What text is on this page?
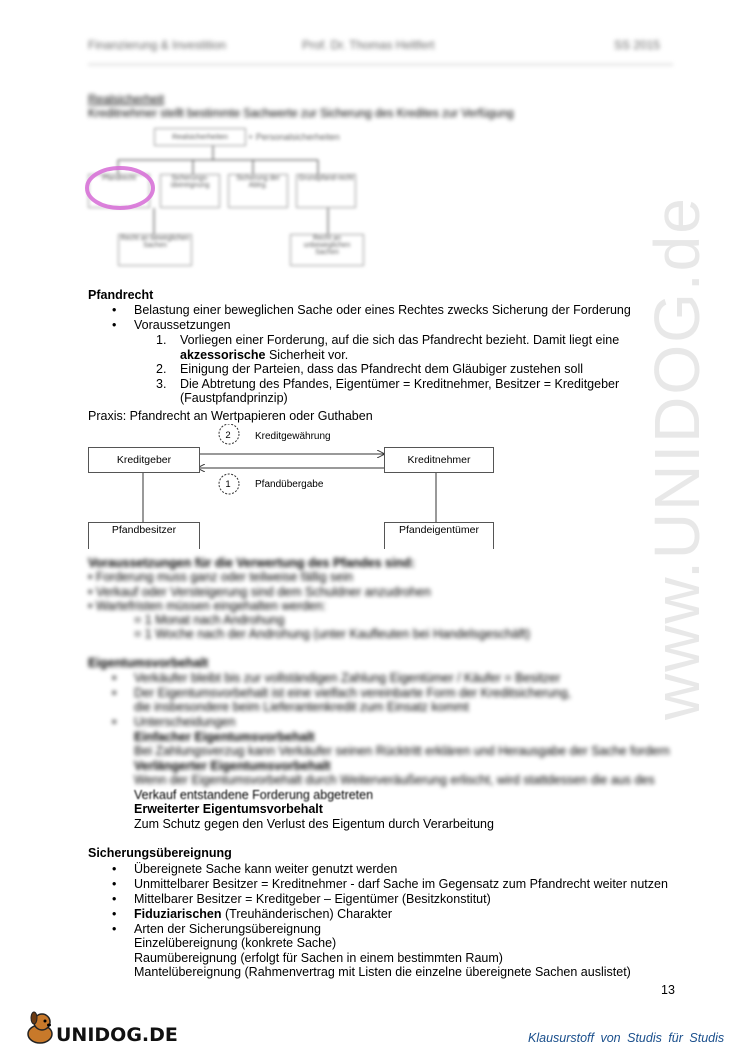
www.UNIDOG.de
Finanzierung & Investition	Prof. Dr. Thomas Heltfert	SS 2015
Realsicherheit
Kreditnehmer stellt bestimmte Sachwerte zur Sicherung des Kredites zur Verfügung
Realsicherheiten	+ Personalsicherheiten
Pfandrecht	Sicherungs-übereignung
Sicherung der Abtrg.
Grundpfand-recht
Recht an beweglichen Sachen
Recht an unbeweglichen Sachen
Pfandrecht
• Belastung einer beweglichen Sache oder eines Rechtes zwecks Sicherung der Forderung
• Voraussetzungen
1. Vorliegen einer Forderung, auf die sich das Pfandrecht bezieht. Damit liegt eine
akzessorische Sicherheit vor.
2. Einigung der Parteien, dass das Pfandrecht dem Gläubiger zustehen soll
3. Die Abtretung des Pfandes, Eigentümer = Kreditnehmer, Besitzer = Kreditgeber
(Faustpfandprinzip)
Praxis: Pfandrecht an Wertpapieren oder Guthaben
2	Kreditgewährung
1	Pfandübergabe
Kreditgeber	Kreditnehmer
Pfandbesitzer	Pfandeigentümer
Voraussetzungen für die Verwertung des Pfandes sind:
• Forderung muss ganz oder teilweise fällig sein
• Verkauf oder Versteigerung sind dem Schuldner anzudrohen
• Wartefristen müssen eingehalten werden:
= 1 Monat nach Androhung
= 1 Woche nach der Androhung (unter Kaufleuten bei Handelsgeschäft)
Eigentumsvorbehalt
• Verkäufer bleibt bis zur vollständigen Zahlung Eigentümer / Käufer = Besitzer
• Der Eigentumsvorbehalt ist eine vielfach vereinbarte Form der Kreditsicherung,
die insbesondere beim Lieferantenkredit zum Einsatz kommt
• Unterscheidungen
Einfacher Eigentumsvorbehalt
Bei Zahlungsverzug kann Verkäufer seinen Rücktritt erklären und Herausgabe der Sache fordern
Verlängerter Eigentumsvorbehalt
Wenn der Eigentumsvorbehalt durch Weiterveräußerung erlischt, wird stattdessen die aus des
Verkauf entstandene Forderung abgetreten
Erweiterter Eigentumsvorbehalt
Zum Schutz gegen den Verlust des Eigentum durch Verarbeitung
Sicherungsübereignung
• Übereignete Sache kann weiter genutzt werden
• Unmittelbarer Besitzer = Kreditnehmer - darf Sache im Gegensatz zum Pfandrecht weiter nutzen
• Mittelbarer Besitzer = Kreditgeber – Eigentümer (Besitzkonstitut)
• Fiduziarischen (Treuhänderischen) Charakter
• Arten der Sicherungsübereignung
Einzelübereignung (konkrete Sache)
Raumübereignung (erfolgt für Sachen in einem bestimmten Raum)
Mantelübereignung (Rahmenvertrag mit Listen die einzelne übereignete Sachen auslistet)
13
UNIDOG.DE	Klausurstoff von Studis für Studis
